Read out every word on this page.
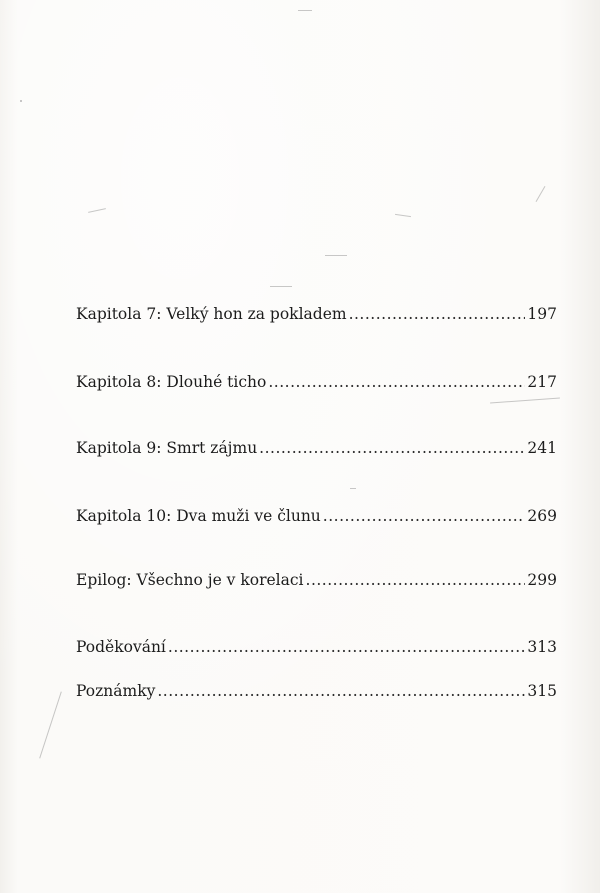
Kapitola 7: Velký hon za pokladem .....	197
Kapitola 8: Dlouhé ticho .....	217
Kapitola 9: Smrt zájmu .....	241
Kapitola 10: Dva muži ve člunu .....	269
Epilog: Všechno je v korelaci .....	299
Poděkování .....	313
Poznámky .....	315
